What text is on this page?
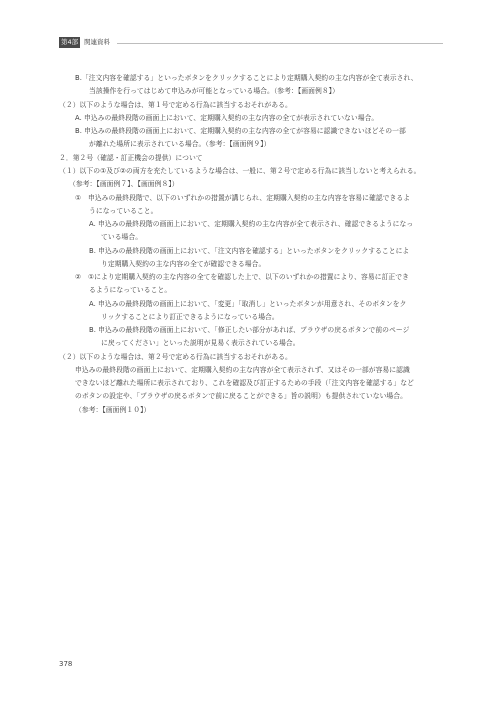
第4部 関連資料
B.「注文内容を確認する」といったボタンをクリックすることにより定期購入契約の主な内容が全て表示され、
当該操作を行ってはじめて申込みが可能となっている場合。（参考：【画面例８】）
（２）以下のような場合は、第１号で定める行為に該当するおそれがある。
A. 申込みの最終段階の画面上において、定期購入契約の主な内容の全てが表示されていない場合。
B. 申込みの最終段階の画面上において、定期購入契約の主な内容の全てが容易に認識できないほどその一部
が離れた場所に表示されている場合。（参考：【画面例９】）
２．第２号（確認・訂正機会の提供）について
（１）以下の①及び②の両方を充たしているような場合は、一般に、第２号で定める行為に該当しないと考えられる。
（参考：【画面例７】、【画面例８】）
①　申込みの最終段階で、以下のいずれかの措置が講じられ、定期購入契約の主な内容を容易に確認できるよ
うになっていること。
A. 申込みの最終段階の画面上において、定期購入契約の主な内容が全て表示され、確認できるようになっ
ている場合。
B. 申込みの最終段階の画面上において、「注文内容を確認する」といったボタンをクリックすることによ
り定期購入契約の主な内容の全てが確認できる場合。
②　①により定期購入契約の主な内容の全てを確認した上で、以下のいずれかの措置により、容易に訂正でき
るようになっていること。
A. 申込みの最終段階の画面上において、「変更」「取消し」といったボタンが用意され、そのボタンをク
リックすることにより訂正できるようになっている場合。
B. 申込みの最終段階の画面上において、「修正したい部分があれば、ブラウザの戻るボタンで前のページ
に戻ってください」といった説明が見易く表示されている場合。
（２）以下のような場合は、第２号で定める行為に該当するおそれがある。
申込みの最終段階の画面上において、定期購入契約の主な内容が全て表示されず、又はその一部が容易に認識
できないほど離れた場所に表示されており、これを確認及び訂正するための手段（「注文内容を確認する」など
のボタンの設定や、「ブラウザの戻るボタンで前に戻ることができる」旨の説明）も提供されていない場合。
（参考：【画面例１０】）
378
